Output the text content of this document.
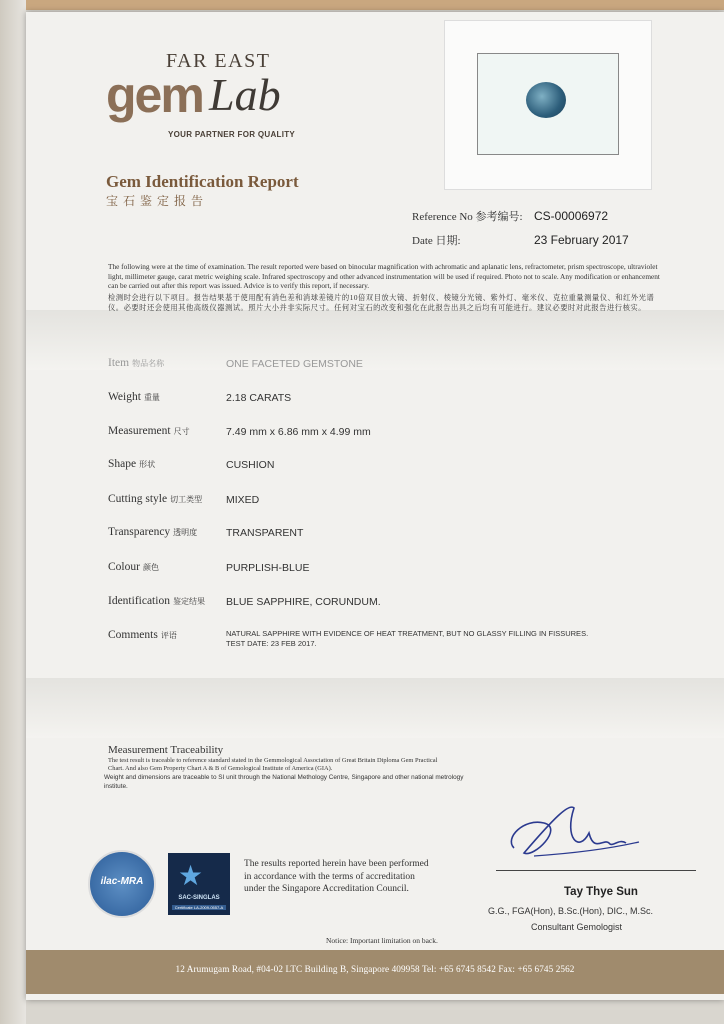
FAR EAST
gem Lab
YOUR PARTNER FOR QUALITY
Gem Identification Report
宝石鉴定报告
Reference No 参考编号: CS-00006972
Date 日期:	23 February 2017
The following were at the time of examination. The result reported were based on binocular magnification with achromatic and aplanatic lens, refractometer, prism spectroscope, ultraviolet light, millimeter gauge, carat metric weighing scale. Infrared spectroscopy and other advanced instrumentation will be used if required. Photo not to scale. Any modification or enhancement can be carried out after this report was issued. Advice is to verify this report, if necessary.
检测时会进行以下项目。报告结果基于使用配有消色差和消球差镜片的10倍双目放大镜、折射仪、棱镜分光镜、紫外灯、毫米仪、克拉重量测量仪、和红外光谱仪。必要时还会使用其他高级仪器测试。照片大小并非实际尺寸。任何对宝石的改变和强化在此报告出具之后均有可能进行。建议必要时对此报告进行核实。
Item 物品名称	ONE FACETED GEMSTONE
Weight 重量	2.18 CARATS
Measurement 尺寸	7.49 mm x 6.86 mm x 4.99 mm
Shape 形状	CUSHION
Cutting style 切工类型 MIXED
Transparency 透明度	TRANSPARENT
Colour 颜色	PURPLISH-BLUE
Identification 鉴定结果 BLUE SAPPHIRE, CORUNDUM.
Comments 评语	NATURAL SAPPHIRE WITH EVIDENCE OF HEAT TREATMENT, BUT NO GLASSY FILLING IN FISSURES.
TEST DATE: 23 FEB 2017.
Measurement Traceability
The test result is traceable to reference standard stated in the Gemmological Association of Great Britain Diploma Gem Practical Chart. And also Gem Property Chart A & B of Gemological Institute of America (GIA).
Weight and dimensions are traceable to SI unit through the National Methology Centre, Singapore and other national metrology institute.
Tay Thye Sun
G.G., FGA(Hon), B.Sc.(Hon), DIC., M.Sc.
Consultant Gemologist
ilac-MRA	★
SAC-SINGLAS
Certificate LA-2009-0557-A
The results reported herein have been performed in accordance with the terms of accreditation under the Singapore Accreditation Council.
Notice: Important limitation on back.
12 Arumugam Road, #04-02 LTC Building B, Singapore 409958 Tel: +65 6745 8542 Fax: +65 6745 2562
